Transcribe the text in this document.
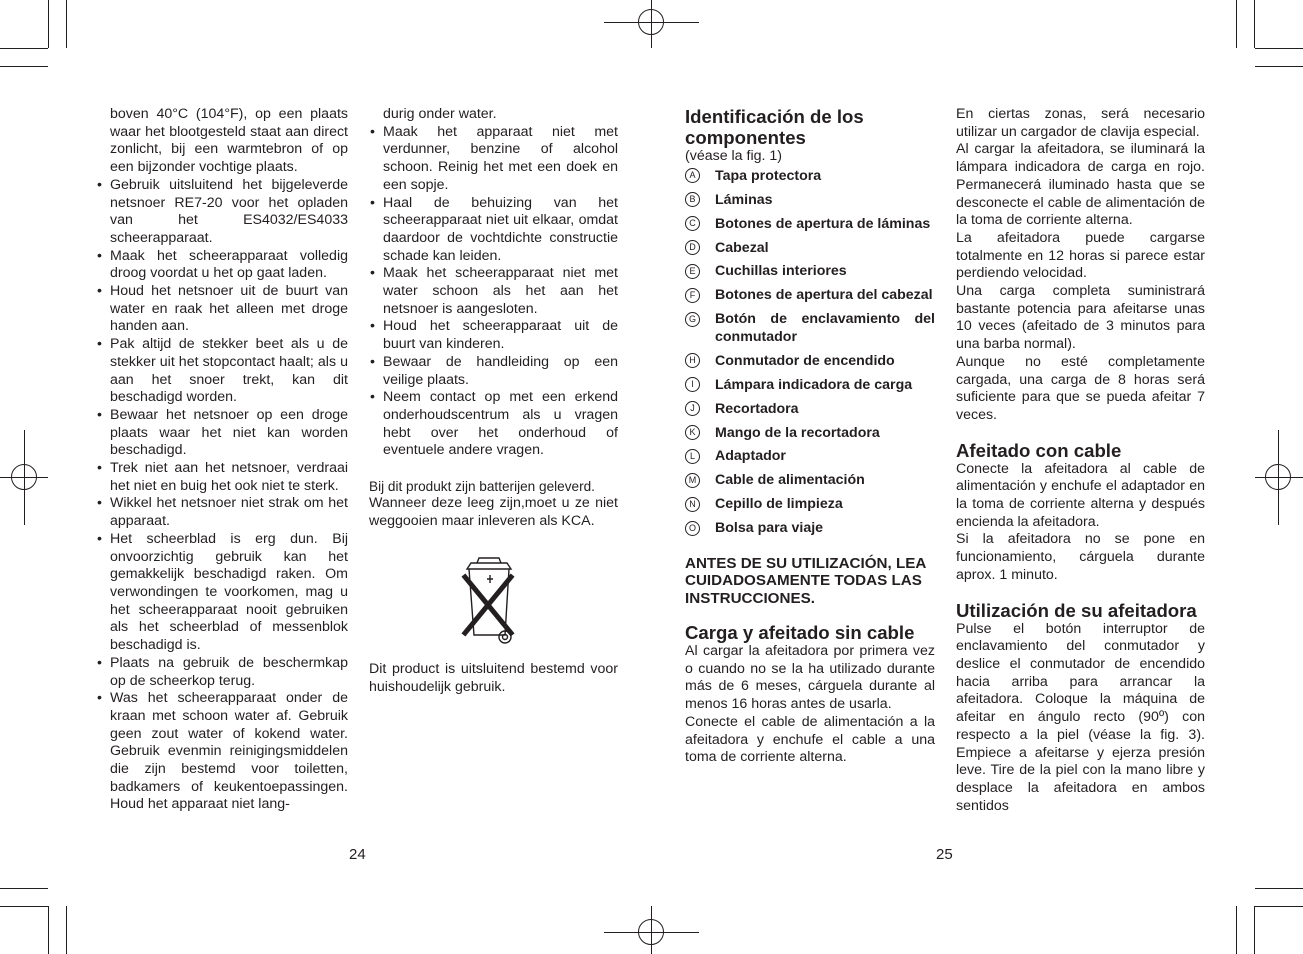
boven 40°C (104°F), op een plaats waar het blootgesteld staat aan direct zonlicht, bij een warmtebron of op een bijzonder vochtige plaats.

• Gebruik uitsluitend het bijgeleverde netsnoer RE7-20 voor het opladen van het ES4032/ES4033 scheerapparaat.
• Maak het scheerapparaat volledig droog voordat u het op gaat laden.
• Houd het netsnoer uit de buurt van water en raak het alleen met droge handen aan.
• Pak altijd de stekker beet als u de stekker uit het stopcontact haalt; als u aan het snoer trekt, kan dit beschadigd worden.
• Bewaar het netsnoer op een droge plaats waar het niet kan worden beschadigd.
• Trek niet aan het netsnoer, verdraai het niet en buig het ook niet te sterk.
• Wikkel het netsnoer niet strak om het apparaat.
• Het scheerblad is erg dun. Bij onvoorzichtig gebruik kan het gemakkelijk beschadigd raken. Om verwondingen te voorkomen, mag u het scheerapparaat nooit gebruiken als het scheerblad of messenblok beschadigd is.
• Plaats na gebruik de beschermkap op de scheerkop terug.
• Was het scheerapparaat onder de kraan met schoon water af. Gebruik geen zout water of kokend water. Gebruik evenmin reinigingsmiddelen die zijn bestemd voor toiletten, badkamers of keukentoepassingen. Houd het apparaat niet lang-

durig onder water.

• Maak het apparaat niet met verdunner, benzine of alcohol schoon. Reinig het met een doek en een sopje.
• Haal de behuizing van het scheerapparaat niet uit elkaar, omdat daardoor de vochtdichte constructie schade kan leiden.
• Maak het scheerapparaat niet met water schoon als het aan het netsnoer is aangesloten.
• Houd het scheerapparaat uit de buurt van kinderen.
• Bewaar de handleiding op een veilige plaats.
• Neem contact op met een erkend onderhoudscentrum als u vragen hebt over het onderhoud of eventuele andere vragen.

Bij dit produkt zijn batterijen geleverd.

Wanneer deze leeg zijn,moet u ze niet weggooien maar inleveren als KCA.

Dit product is uitsluitend bestemd voor huishoudelijk gebruik.

24
Identificación de los componentes

(véase la fig. 1)

A	Tapa protectora
B	Láminas
C	Botones de apertura de láminas
D	Cabezal
E	Cuchillas interiores
F	Botones de apertura del cabezal
G	Botón de enclavamiento del conmutador
H	Conmutador de encendido
I	Lámpara indicadora de carga
J	Recortadora
K	Mango de la recortadora
L	Adaptador
M	Cable de alimentación
N	Cepillo de limpieza
O	Bolsa para viaje
ANTES DE SU UTILIZACIÓN, LEA CUIDADOSAMENTE TODAS LAS INSTRUCCIONES.
Carga y afeitado sin cable

Al cargar la afeitadora por primera vez o cuando no se la ha utilizado durante más de 6 meses, cárguela durante al menos 16 horas antes de usarla.

Conecte el cable de alimentación a la afeitadora y enchufe el cable a una toma de corriente alterna.

En ciertas zonas, será necesario utilizar un cargador de clavija especial.

Al cargar la afeitadora, se iluminará la lámpara indicadora de carga en rojo. Permanecerá iluminado hasta que se desconecte el cable de alimentación de la toma de corriente alterna.

La afeitadora puede cargarse totalmente en 12 horas si parece estar perdiendo velocidad.

Una carga completa suministrará bastante potencia para afeitarse unas 10 veces (afeitado de 3 minutos para una barba normal).

Aunque no esté completamente cargada, una carga de 8 horas será suficiente para que se pueda afeitar 7 veces.

Afeitado con cable

Conecte la afeitadora al cable de alimentación y enchufe el adaptador en la toma de corriente alterna y después encienda la afeitadora.

Si la afeitadora no se pone en funcionamiento, cárguela durante aprox. 1 minuto.

Utilización de su afeitadora

Pulse el botón interruptor de enclavamiento del conmutador y deslice el conmutador de encendido hacia arriba para arrancar la afeitadora. Coloque la máquina de afeitar en ángulo recto (90º) con respecto a la piel (véase la fig. 3). Empiece a afeitarse y ejerza presión leve. Tire de la piel con la mano libre y desplace la afeitadora en ambos sentidos

25
